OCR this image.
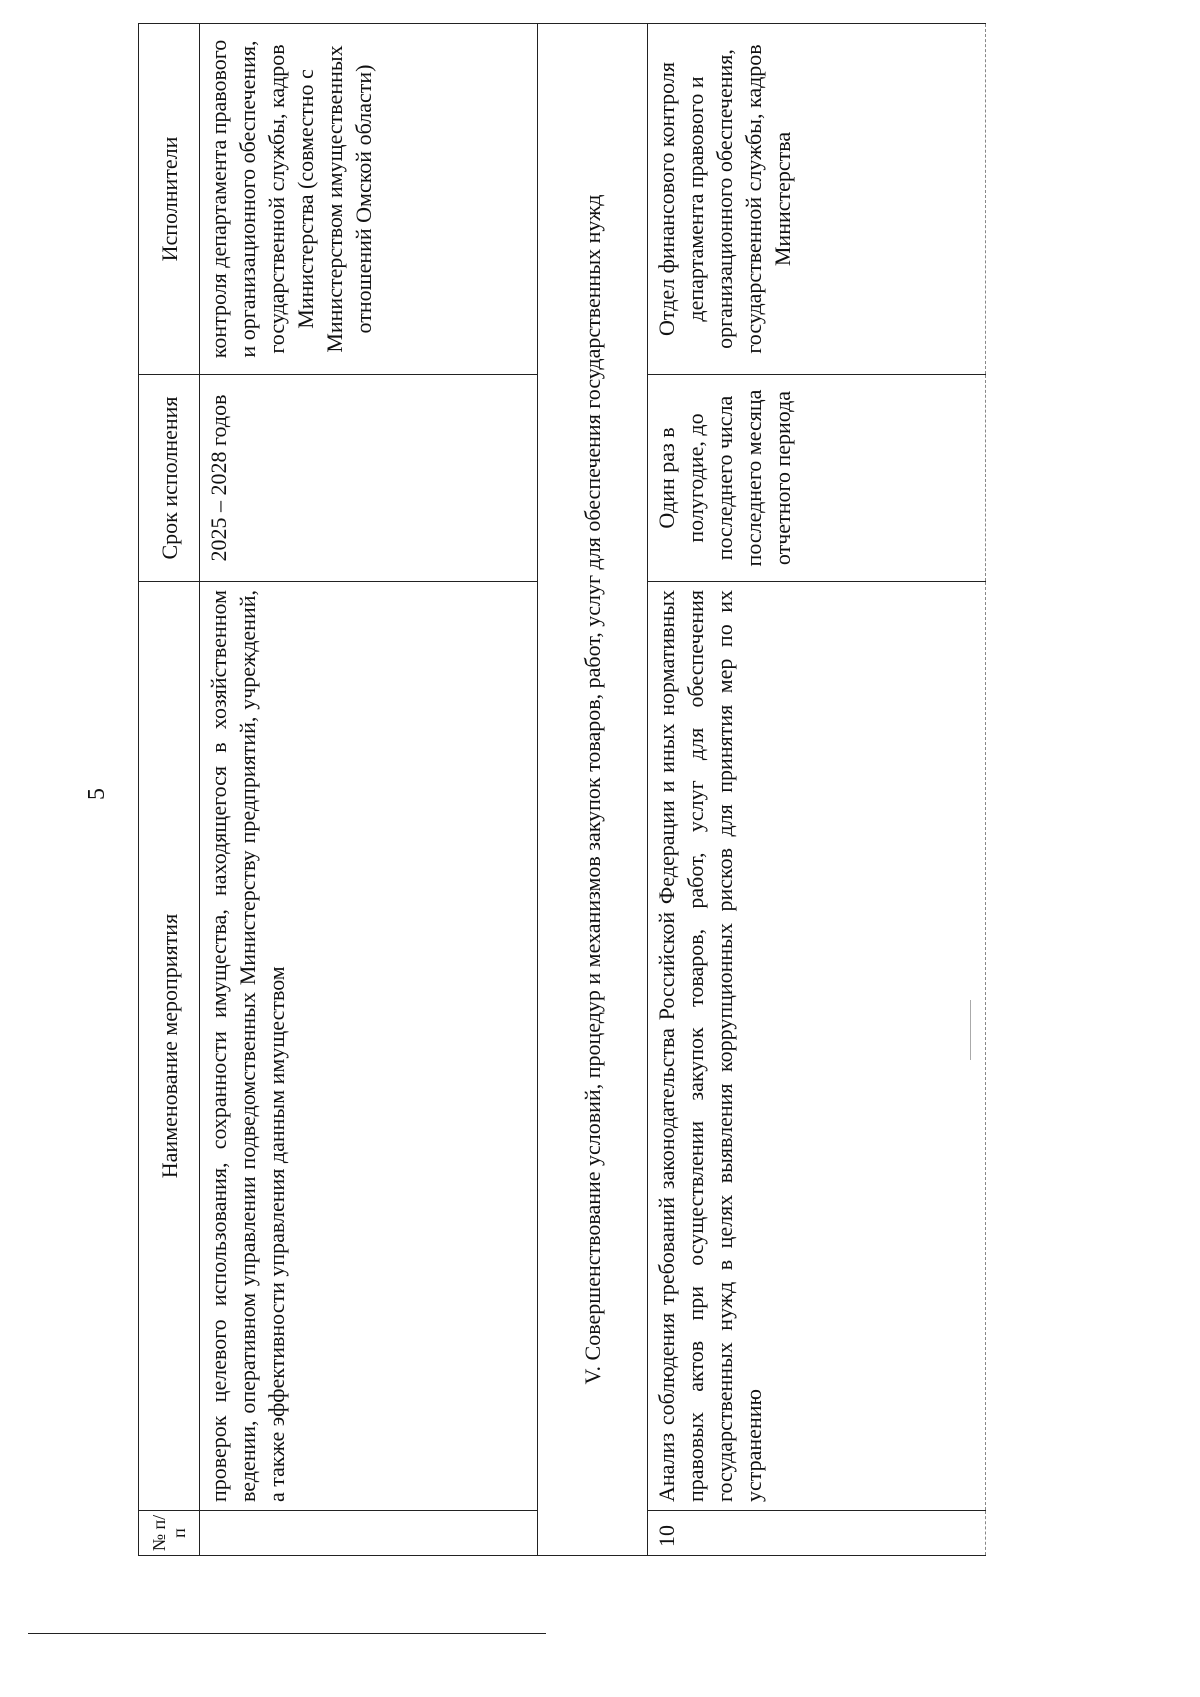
5
№ п/п	Наименование мероприятия	Срок исполнения	Исполнители
	проверок целевого использования, сохранности имущества, находящегося в хозяйственном ведении, оперативном управлении подведомственных Министерству предприятий, учреждений, а также эффективности управления данным имуществом	2025 – 2028 годов	контроля департамента правового и организационного обеспечения, государственной службы, кадров Министерства (совместно с Министерством имущественных отношений Омской области)
V. Совершенствование условий, процедур и механизмов закупок товаров, работ, услуг для обеспечения государственных нужд			
10	Анализ соблюдения требований законодательства Российской Федерации и иных нормативных правовых актов при осуществлении закупок товаров, работ, услуг для обеспечения государственных нужд в целях выявления коррупционных рисков для принятия мер по их устранению	Один раз в полугодие, до последнего числа последнего месяца отчетного периода	Отдел финансового контроля департамента правового и организационного обеспечения, государственной службы, кадров Министерства
